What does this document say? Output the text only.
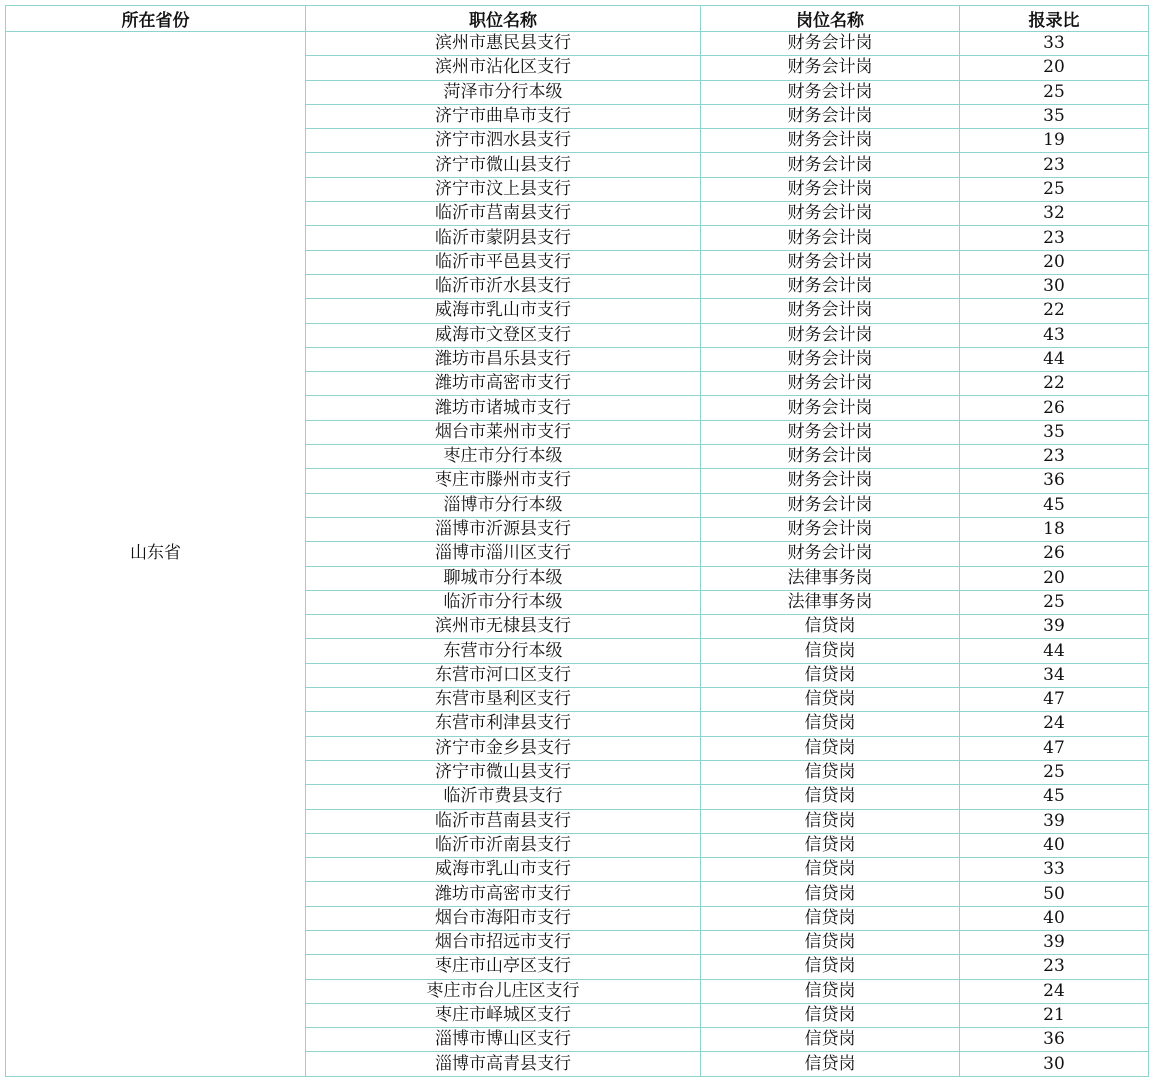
所在省份	职位名称	岗位名称	报录比
山东省	滨州市惠民县支行	财务会计岗	33
	滨州市沾化区支行	财务会计岗	20
	菏泽市分行本级	财务会计岗	25
	济宁市曲阜市支行	财务会计岗	35
	济宁市泗水县支行	财务会计岗	19
	济宁市微山县支行	财务会计岗	23
	济宁市汶上县支行	财务会计岗	25
	临沂市莒南县支行	财务会计岗	32
	临沂市蒙阴县支行	财务会计岗	23
	临沂市平邑县支行	财务会计岗	20
	临沂市沂水县支行	财务会计岗	30
	威海市乳山市支行	财务会计岗	22
	威海市文登区支行	财务会计岗	43
	潍坊市昌乐县支行	财务会计岗	44
	潍坊市高密市支行	财务会计岗	22
	潍坊市诸城市支行	财务会计岗	26
	烟台市莱州市支行	财务会计岗	35
	枣庄市分行本级	财务会计岗	23
	枣庄市滕州市支行	财务会计岗	36
	淄博市分行本级	财务会计岗	45
	淄博市沂源县支行	财务会计岗	18
	淄博市淄川区支行	财务会计岗	26
	聊城市分行本级	法律事务岗	20
	临沂市分行本级	法律事务岗	25
	滨州市无棣县支行	信贷岗	39
	东营市分行本级	信贷岗	44
	东营市河口区支行	信贷岗	34
	东营市垦利区支行	信贷岗	47
	东营市利津县支行	信贷岗	24
	济宁市金乡县支行	信贷岗	47
	济宁市微山县支行	信贷岗	25
	临沂市费县支行	信贷岗	45
	临沂市莒南县支行	信贷岗	39
	临沂市沂南县支行	信贷岗	40
	威海市乳山市支行	信贷岗	33
	潍坊市高密市支行	信贷岗	50
	烟台市海阳市支行	信贷岗	40
	烟台市招远市支行	信贷岗	39
	枣庄市山亭区支行	信贷岗	23
	枣庄市台儿庄区支行	信贷岗	24
	枣庄市峄城区支行	信贷岗	21
	淄博市博山区支行	信贷岗	36
	淄博市高青县支行	信贷岗	30
